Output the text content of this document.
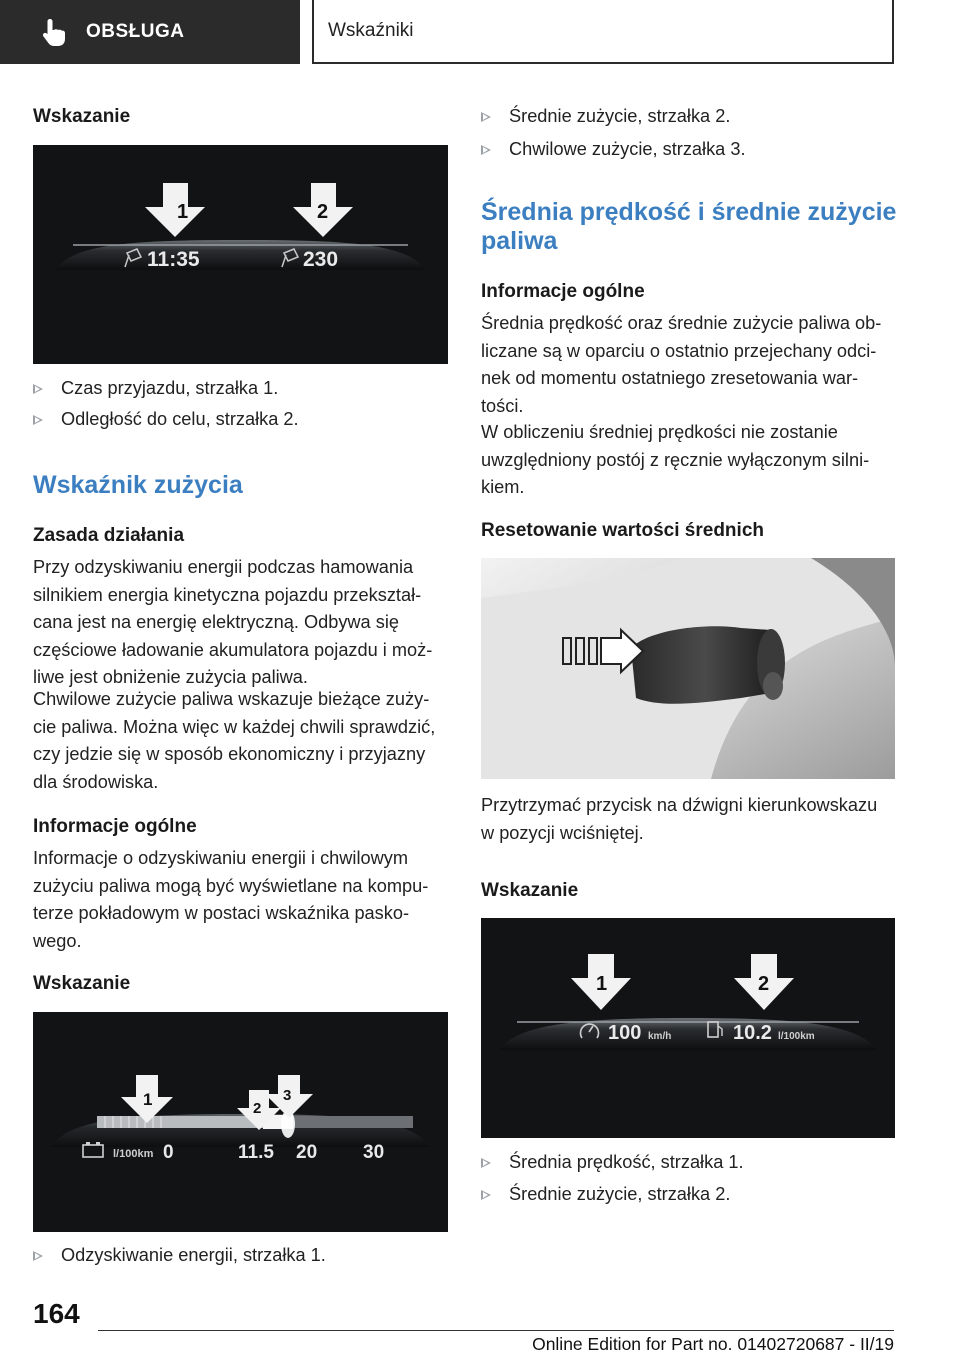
OBSŁUGA	Wskaźniki
Wskazanie
1	2
11:35	230
Czas przyjazdu, strzałka 1.
Odległość do celu, strzałka 2.
Wskaźnik zużycia
Zasada działania
Przy odzyskiwaniu energii podczas hamowania
silnikiem energia kinetyczna pojazdu przekształ‐
cana jest na energię elektryczną. Odbywa się
częściowe ładowanie akumulatora pojazdu i moż‐
liwe jest obniżenie zużycia paliwa.
Chwilowe zużycie paliwa wskazuje bieżące zuży‐
cie paliwa. Można więc w każdej chwili sprawdzić,
czy jedzie się w sposób ekonomiczny i przyjazny
dla środowiska.
Informacje ogólne
Informacje o odzyskiwaniu energii i chwilowym
zużyciu paliwa mogą być wyświetlane na kompu‐
terze pokładowym w postaci wskaźnika pasko‐
wego.
Wskazanie
1	2
3
l/100km 0	11.5 20 30
Odzyskiwanie energii, strzałka 1.
Średnie zużycie, strzałka 2.
Chwilowe zużycie, strzałka 3.
Średnia prędkość i średnie zużycie
paliwa
Informacje ogólne
Średnia prędkość oraz średnie zużycie paliwa ob‐
liczane są w oparciu o ostatnio przejechany odci‐
nek od momentu ostatniego zresetowania war‐
tości.
W obliczeniu średniej prędkości nie zostanie
uwzględniony postój z ręcznie wyłączonym silni‐
kiem.
Resetowanie wartości średnich
Przytrzymać przycisk na dźwigni kierunkowskazu
w pozycji wciśniętej.
Wskazanie
1	2
100 km/h	10.2 l/100km
Średnia prędkość, strzałka 1.
Średnie zużycie, strzałka 2.
164
Online Edition for Part no. 01402720687 - II/19
